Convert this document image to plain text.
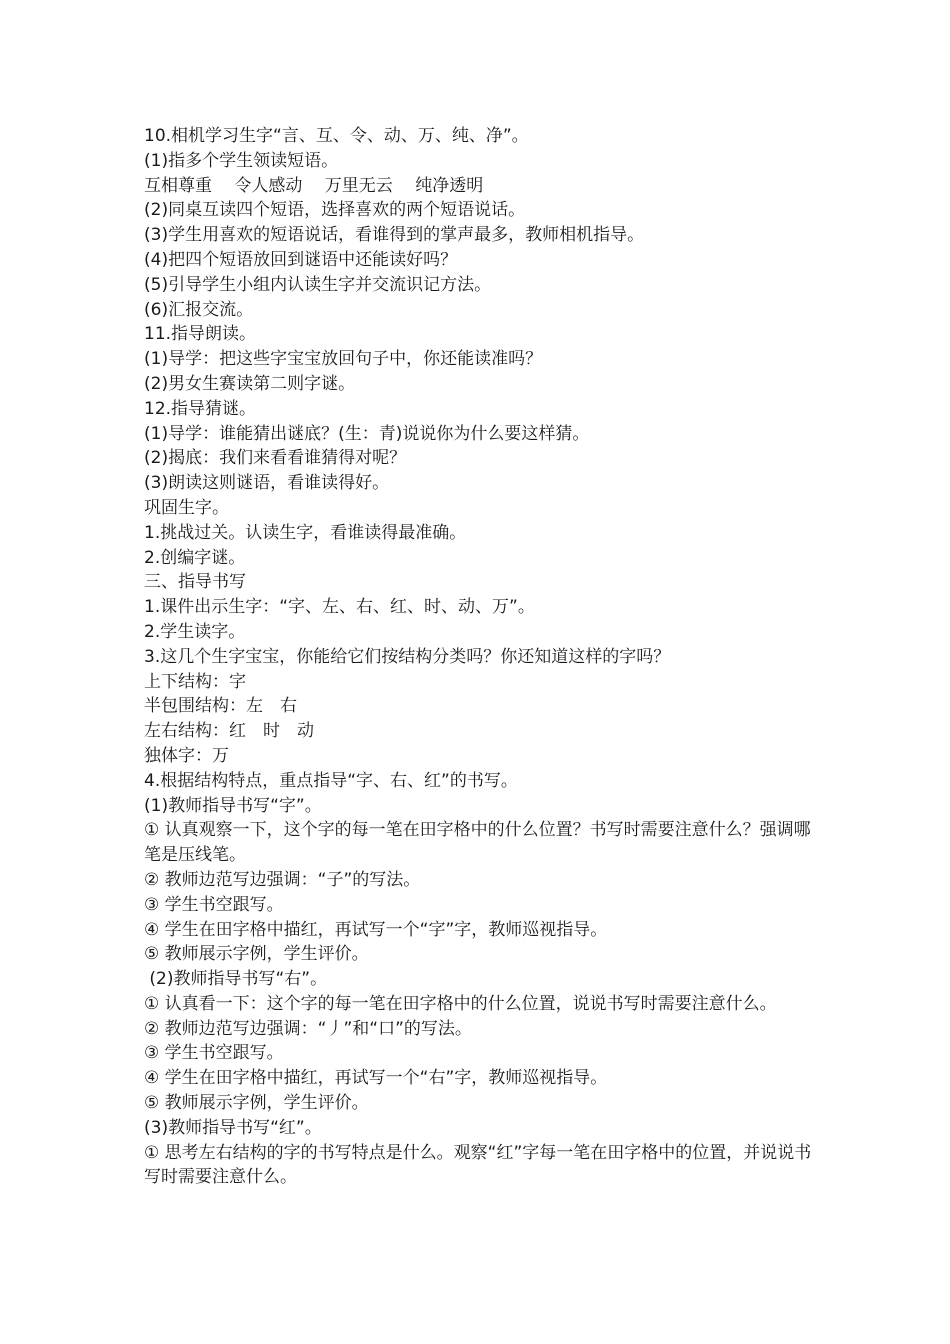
10.相机学习生字“言、互、令、动、万、纯、净”。

(1)指多个学生领读短语。

互相尊重　 令人感动　 万里无云　 纯净透明

(2)同桌互读四个短语，选择喜欢的两个短语说话。

(3)学生用喜欢的短语说话，看谁得到的掌声最多，教师相机指导。

(4)把四个短语放回到谜语中还能读好吗？

(5)引导学生小组内认读生字并交流识记方法。

(6)汇报交流。

11.指导朗读。

(1)导学：把这些字宝宝放回句子中，你还能读准吗？

(2)男女生赛读第二则字谜。

12.指导猜谜。

(1)导学：谁能猜出谜底？(生：青)说说你为什么要这样猜。

(2)揭底：我们来看看谁猜得对呢？

(3)朗读这则谜语，看谁读得好。

巩固生字。

1.挑战过关。认读生字，看谁读得最准确。

2.创编字谜。

三、指导书写

1.课件出示生字：“字、左、右、红、时、动、万”。

2.学生读字。

3.这几个生字宝宝，你能给它们按结构分类吗？你还知道这样的字吗？

上下结构：字

半包围结构：左　右

左右结构：红　时　动

独体字：万

4.根据结构特点，重点指导“字、右、红”的书写。

(1)教师指导书写“字”。

① 认真观察一下，这个字的每一笔在田字格中的什么位置？书写时需要注意什么？强调哪笔是压线笔。

② 教师边范写边强调：“子”的写法。

③ 学生书空跟写。

④ 学生在田字格中描红，再试写一个“字”字，教师巡视指导。

⑤ 教师展示字例，学生评价。

(2)教师指导书写“右”。

① 认真看一下：这个字的每一笔在田字格中的什么位置，说说书写时需要注意什么。

② 教师边范写边强调：“丿”和“口”的写法。

③ 学生书空跟写。

④ 学生在田字格中描红，再试写一个“右”字，教师巡视指导。

⑤ 教师展示字例，学生评价。

(3)教师指导书写“红”。

① 思考左右结构的字的书写特点是什么。观察“红”字每一笔在田字格中的位置，并说说书写时需要注意什么。
